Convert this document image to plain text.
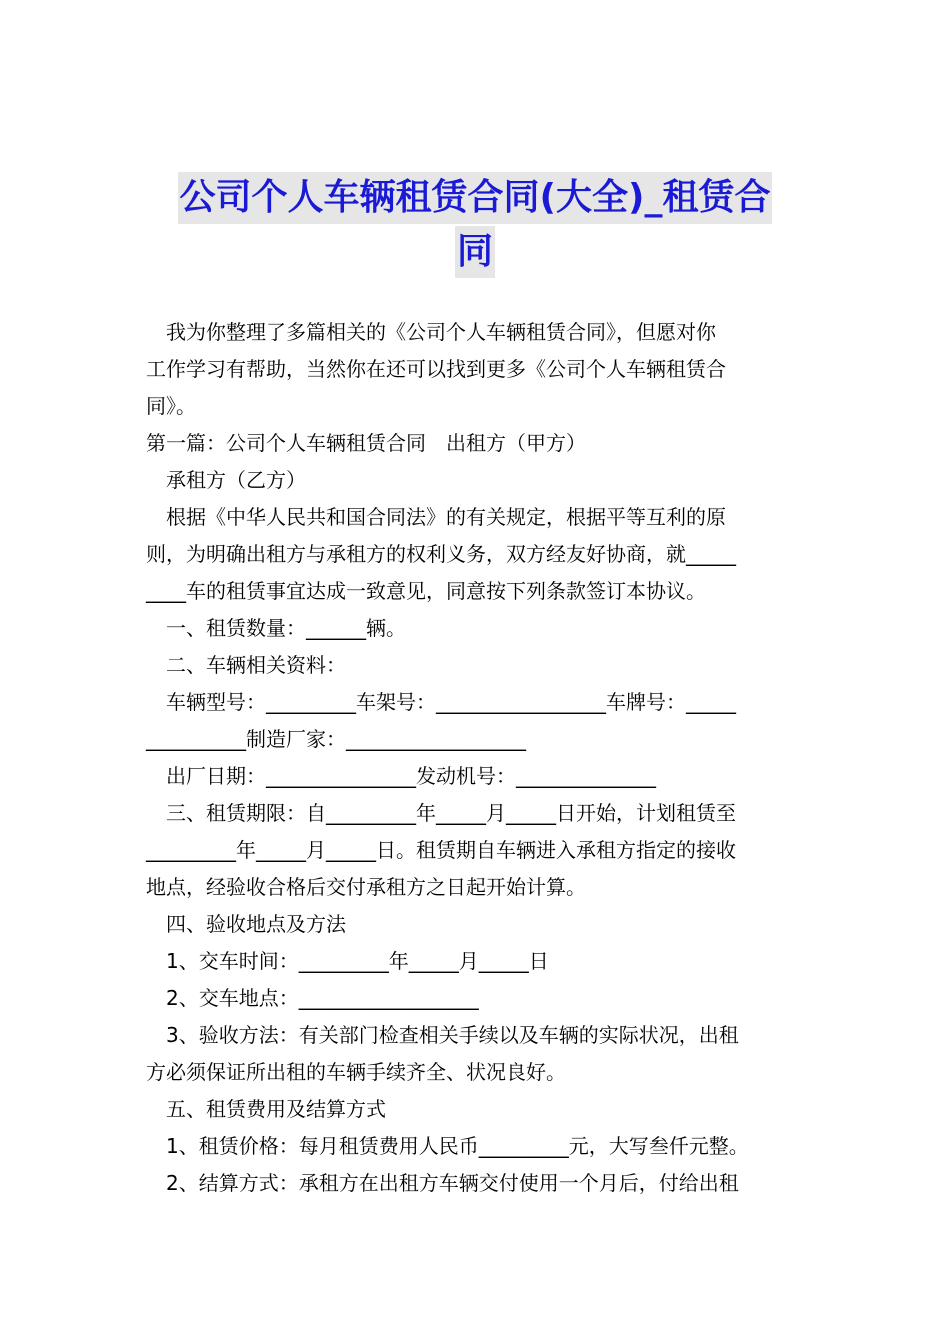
公司个人车辆租赁合同(大全)_租赁合
同

我为你整理了多篇相关的《公司个人车辆租赁合同》，但愿对你

工作学习有帮助，当然你在还可以找到更多《公司个人车辆租赁合

同》。

第一篇：公司个人车辆租赁合同　出租方（甲方）

承租方（乙方）

根据《中华人民共和国合同法》的有关规定，根据平等互利的原

则，为明确出租方与承租方的权利义务，双方经友好协商，就_____

____车的租赁事宜达成一致意见，同意按下列条款签订本协议。

一、租赁数量：______辆。

二、车辆相关资料：

车辆型号：_________车架号：_________________车牌号：_____

__________制造厂家：__________________

出厂日期：_______________发动机号：______________

三、租赁期限：自_________年_____月_____日开始，计划租赁至

_________年_____月_____日。租赁期自车辆进入承租方指定的接收

地点，经验收合格后交付承租方之日起开始计算。

四、验收地点及方法

1、交车时间：_________年_____月_____日

2、交车地点：__________________

3、验收方法：有关部门检查相关手续以及车辆的实际状况，出租

方必须保证所出租的车辆手续齐全、状况良好。

五、租赁费用及结算方式

1、租赁价格：每月租赁费用人民币_________元，大写叁仟元整。

2、结算方式：承租方在出租方车辆交付使用一个月后，付给出租
